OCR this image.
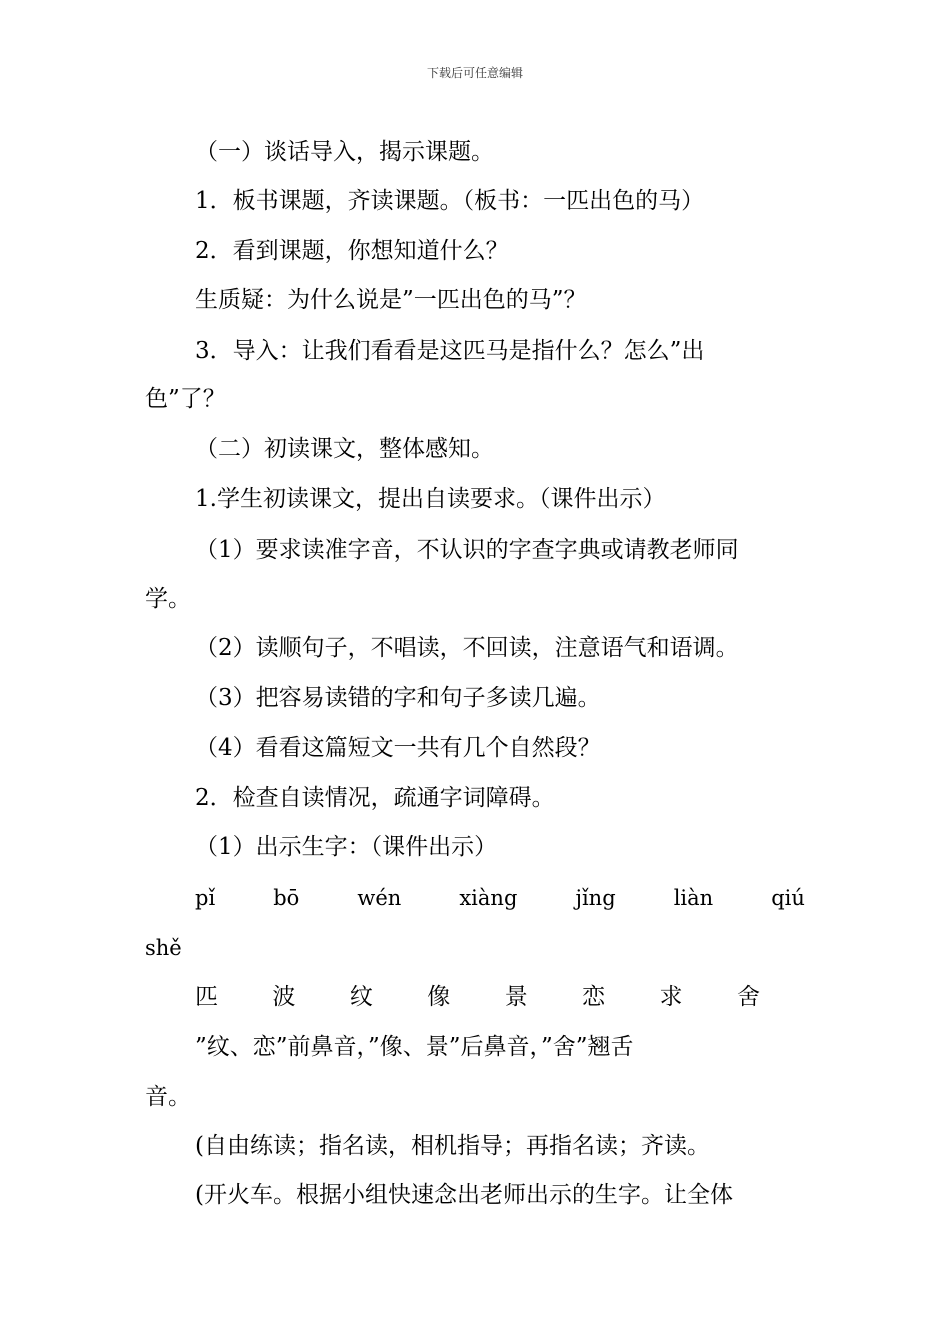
下载后可任意编辑
（一）谈话导入，揭示课题。
1．板书课题，齐读课题。（板书：一匹出色的马）
2．看到课题，你想知道什么？
生质疑：为什么说是”一匹出色的马”？
3．导入：让我们看看是这匹马是指什么？怎么”出
色”了？
（二）初读课文，整体感知。
1.学生初读课文，提出自读要求。（课件出示）
（1）要求读准字音，不认识的字查字典或请教老师同
学。
（2）读顺句子，不唱读，不回读，注意语气和语调。
（3）把容易读错的字和句子多读几遍。
（4）看看这篇短文一共有几个自然段？
2．检查自读情况，疏通字词障碍。
（1）出示生字：（课件出示）
pǐ	bō	wén	xiàng	jǐng	liàn	qiú
shě
匹 波 纹 像 景 恋 求 舍
”纹、恋”前鼻音，”像、景”后鼻音，”舍”翘舌
音。
(自由练读；指名读，相机指导；再指名读；齐读。
(开火车。根据小组快速念出老师出示的生字。让全体
